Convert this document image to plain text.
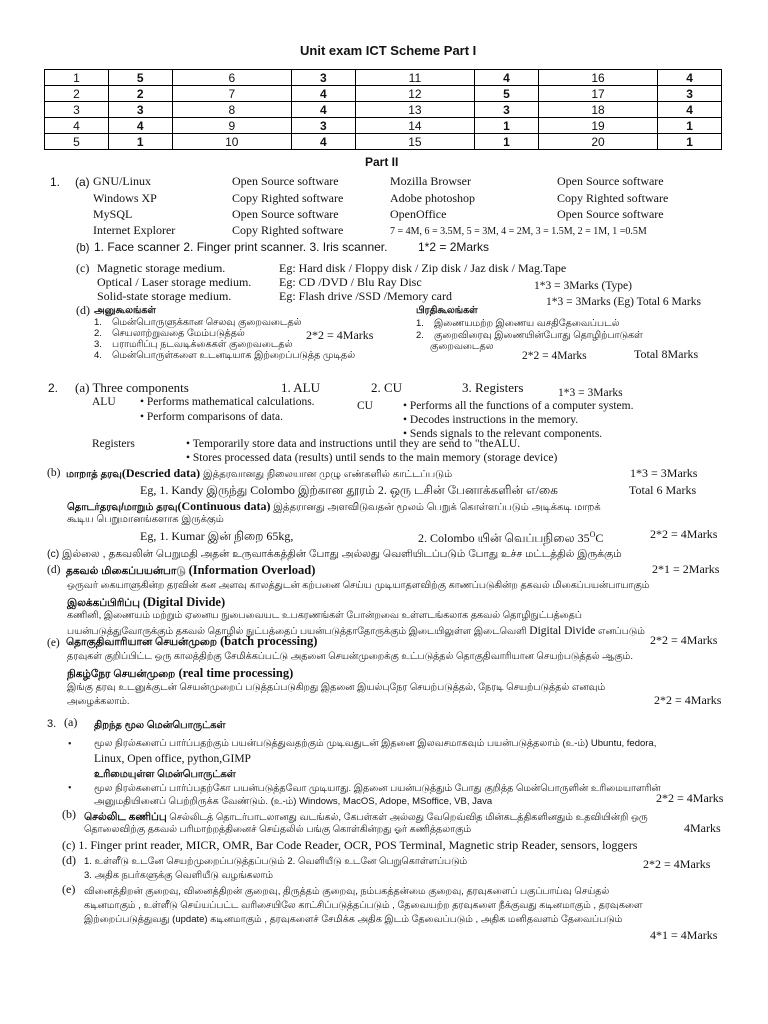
Unit exam ICT Scheme Part I
1	5	6	3	11	4	16	4
2	2	7	4	12	5	17	3
3	3	8	4	13	3	18	4
4	4	9	3	14	1	19	1
5	1	10	4	15	1	20	1
Part II
1. (a) GNU/Linux	Open Source software	Mozilla Browser	Open Source software
Windows XP	Copy Righted software	Adobe photoshop	Copy Righted software
MySQL	Open Source software	OpenOffice	Open Source software
Internet Explorer	Copy Righted software	7 = 4M, 6 = 3.5M, 5 = 3M, 4 = 2M, 3 = 1.5M, 2 = 1M, 1 =0.5M
(b) 1. Face scanner 2. Finger print scanner. 3. Iris scanner.	1*2 = 2Marks
(c) Magnetic storage medium.	Eg: Hard disk / Floppy disk / Zip disk / Jaz disk / Mag.Tape
Optical / Laser storage medium. Eg: CD /DVD / Blu Ray Disc
Solid-state storage medium.	Eg: Flash drive /SSD /Memory card
1*3 = 3Marks (Type)
1*3 = 3Marks (Eg) Total 6 Marks
(d) அனுகூலங்கள்
1. மென்பொருளுக்கான செலவு குறைவடைதல்
2. செயலாற்றுவதை மேம்படுத்தல்
3. பராமரிப்பு நடவடிக்கைகள் குறைவடைதல்
4. மென்பொருள்களை உடனடியாக இற்றைப்படுத்த முடிதல்
2*2 = 4Marks
பிரதிகூலங்கள்
1. இணையமற்ற இணைய வசதிதேவைப்படல்
2. குறைவிரைவு இணையின்போது தொழிற்பாடுகள்
குறைவடைதல
2*2 = 4Marks	Total 8Marks
2. (a) Three components	1. ALU	2. CU	3. Registers	1*3 = 3Marks
ALU • Performs mathematical calculations.
• Perform comparisons of data.
CU	• Performs all the functions of a computer system.
• Decodes instructions in the memory.
• Sends signals to the relevant components.
Registers	• Temporarily store data and instructions until they are send to "theALU.
• Stores processed data (results) until sends to the main memory (storage device)
(b) மாறாத் தரவு(Descried data) இத்தரவானது நிலையான முழு எண்களில் காட்டப்படும்	1*3 = 3Marks
Eg, 1. Kandy இருந்து Colombo இற்கான தூரம் 2. ஒரு டசின் பேனாக்களின் எ/கை	Total 6 Marks
தொடர்தரவு/மாறும் தரவு(Continuous data) இத்தரானது அளவிடுவதன் மூலம் பெறுக் கொள்ளப்படும் அடிக்கடி மாறக்
கூடிய பெறுமானங்களாக இருக்கும்
Eg, 1. Kumar இன் நிறை 65kg,	2. Colombo யின் வெப்பநிலை $35^OC$	2*2 = 4Marks
(c) இல்லை , தகவலின் பெறுமதி அதன் உருவாக்கத்தின் போது அல்லது வெளியிடப்படும் போது உச்ச மட்டத்தில் இருக்கும்
(d) தகவல் மிகைப்பயன்பாடு (Information Overload)	2*1 = 2Marks
ஒருவர் கையாளுகின்ற தரவின் கன அளவு காலத்துடன் கற்பனை செய்ய முடியாதளவிற்கு காணப்படுகின்ற தகவல் மிகைப்பயன்பாயாகும்
இலக்கப்பிரிப்பு (Digital Divide)
கணினி, இணையம் மற்றும் ஏனைய நுபைவையட உபகரணங்கள் போன்றவை உள்ளடங்கலாக தகவல் தொழிநுட்பத்தைப்
பயன்படுத்துவோருக்கும் தகவல் தொழில் நுட்பத்தைப் பயன்படுத்தாதோருக்கும் இடையிலுள்ள இடைவெளி Digital Divide எனப்படும்
(e) தொகுதிவாரியான செயன்முறை (batch processing)	2*2 = 4Marks
தரவுகள் குறிப்பிட்ட ஒரு காலத்திற்கு சேமிக்கப்பட்டு அதனை செயன்முறைக்கு உட்படுத்தல் தொகுதிவாரியான செயற்படுத்தல் ஆகும்.
நிகழ்நேர செயன்முறை (real time processing)
இங்கு தரவு உடனுக்குடன் செயன்முறைப் படுத்தப்படுகிறது இதனை இயல்புநேர செயற்படுத்தல், நேரடி செயற்படுத்தல் எனவும்
அழைக்கலாம்.	2*2 = 4Marks
3. (a) திறந்த மூல மென்பொருட்கள்
• மூல நிரல்களைப் பார்ப்பதற்கும் பயன்படுத்துவதற்கும் முடிவதுடன் இதனை இலவசமாகவும் பயன்படுத்தலாம் (உ-ம்) Ubuntu, fedora,
Linux, Open office, python,GIMP
உரிமையுள்ள மென்பொருட்கள்
• மூல நிரல்களைப் பார்ப்பதற்கோ பயன்படுத்தவோ முடியாது. இதனை பயன்படுத்தும் போது குறித்த மென்பொருளின் உரிமையாளரின்
அனுமதியினைப் பெற்றிருக்க வேண்டும். (உ-ம்) Windows, MacOS, Adope, MSoffice, VB, Java	2*2 = 4Marks
(b) செல்லிட கணிப்பு செல்லிடத் தொடர்பாடலானது வடங்கல், கேபள்கள் அல்லது வேறெவ்வித மின்கடத்திகளினதும் உதவியின்றி ஒரு
தொலைவிற்கு தகவல் பரிமாற்றத்தினைச் செய்தலில் பங்கு கொள்கின்றது ஓர் கணித்தலாகும்	4Marks
(c) 1. Finger print reader, MICR, OMR, Bar Code Reader, OCR, POS Terminal, Magnetic strip Reader, sensors, loggers
(d) 1. உள்ளீடு உடனே செயற்முறைப்படுத்தப்படும் 2. வெளியீடு உடனே பெறுகொள்ளப்படும்
3. அதிக நபர்களுக்கு வெளியீடு வழங்கலாம்
2*2 = 4Marks
(e) வினைத்திறன் குறைவு, வினைத்திறன் குறைவு, திருத்தம் குறைவு, நம்பகத்தன்மை குறைவு, தரவுகளைப் பகுப்பாய்வு செய்தல்
கடினமாகும் , உள்ளீடு செய்யப்பட்ட வரிசையிலே காட்சிப்படுத்தப்படும் , தேவையற்ற தரவுகளை நீக்குவது கடினமாகும் , தரவுகளை
இற்றைப்படுத்துவது (update) கடினமாகும் , தரவுகளைச் சேமிக்க அதிக இடம் தேவைப்படும் , அதிக மனிதவளம் தேவைப்படும்
4*1 = 4Marks
